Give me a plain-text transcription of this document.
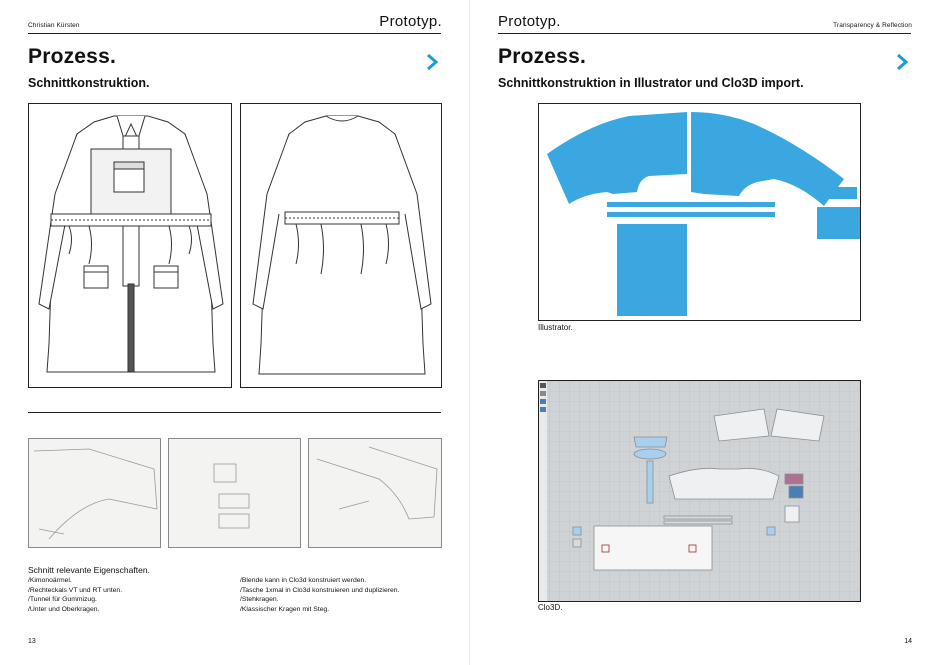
Christian Kürsten	Prototyp.
Prozess.
Schnittkonstruktion.
Schnitt relevante Eigenschaften.
/Kimonoärmel.
/Rechteckals VT und RT unten.
/Tunnel für Gummizug.
/Unter und Oberkragen.
/Blende kann in Clo3d konstruiert werden.
/Tasche 1xmal in Clo3d konstruieren und duplizieren.
/Stehkragen.
/Klassischer Kragen mit Steg.
13
Prototyp.	Transparency & Reflection
Prozess.
Schnittkonstruktion in Illustrator und Clo3D import.
Illustrator.
Clo3D.
14
